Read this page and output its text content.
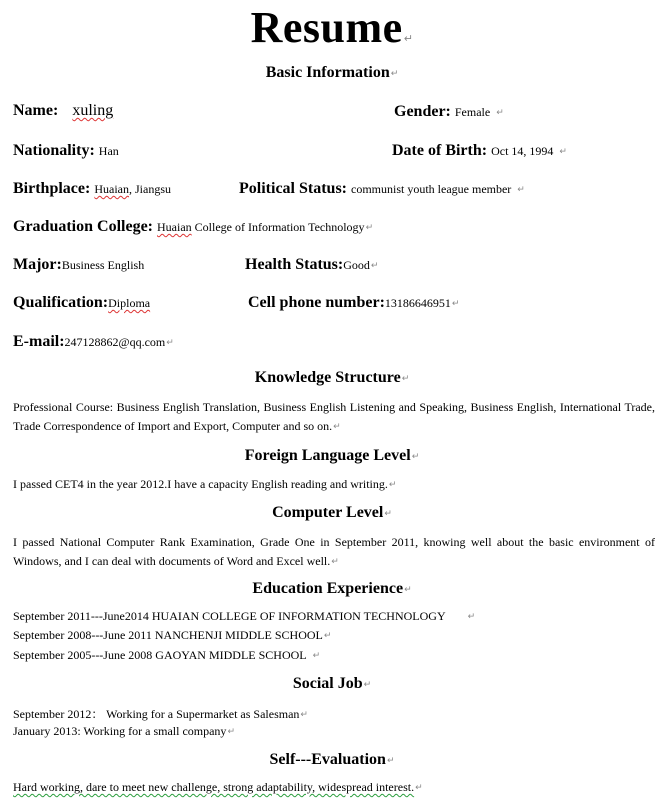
Resume↵
Basic Information↵
Name: xuling	Gender: Female ↵
Nationality: Han	Date of Birth: Oct 14, 1994 ↵
Birthplace: Huaian, Jiangsu	Political Status: communist youth league member ↵
Graduation College: Huaian College of Information Technology↵
Major:Business English	Health Status:Good↵
Qualification:Diploma	Cell phone number:13186646951↵
E-mail:247128862@qq.com↵
Knowledge Structure↵
Professional Course: Business English Translation, Business English Listening and Speaking, Business English, International Trade, Trade Correspondence of Import and Export, Computer and so on.↵
Foreign Language Level↵
I passed CET4 in the year 2012.I have a capacity English reading and writing.↵
Computer Level↵
I passed National Computer Rank Examination, Grade One in September 2011, knowing well about the basic environment of Windows, and I can deal with documents of Word and Excel well.↵
Education Experience↵
September 2011---June2014 HUAIAN COLLEGE OF INFORMATION TECHNOLOGY ↵
September 2008---June 2011 NANCHENJI MIDDLE SCHOOL↵
September 2005---June 2008 GAOYAN MIDDLE SCHOOL ↵
Social Job↵
September 2012： Working for a Supermarket as Salesman↵
January 2013: Working for a small company↵
Self---Evaluation↵
Hard working, dare to meet new challenge, strong adaptability, widespread interest.↵
